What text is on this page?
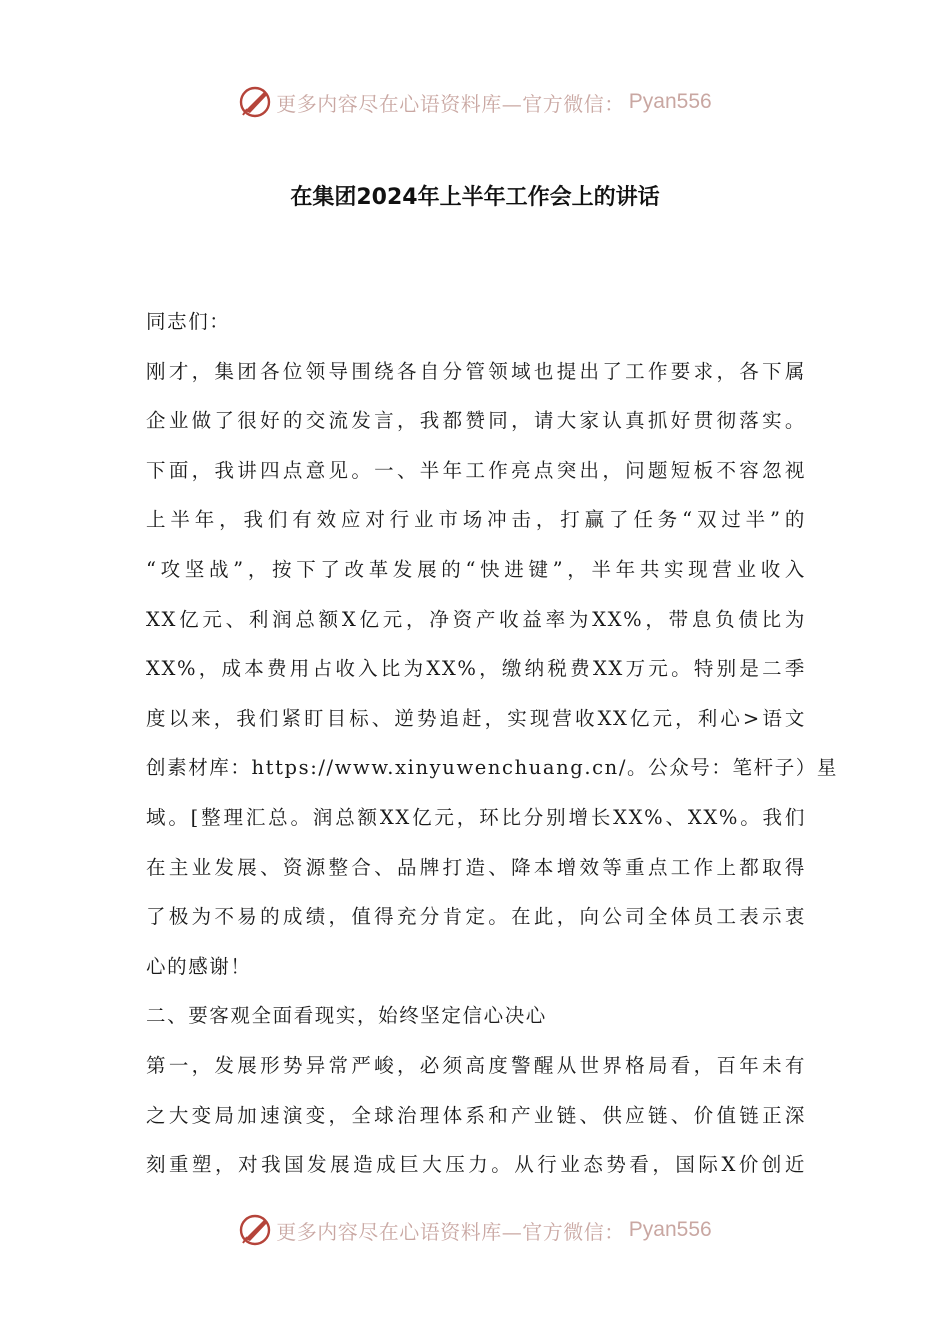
更多内容尽在心语资料库—官方微信： Pyan556
在集团2024年上半年工作会上的讲话
同志们：
刚才，集团各位领导围绕各自分管领域也提出了工作要求，各下属
企业做了很好的交流发言，我都赞同，请大家认真抓好贯彻落实。
下面，我讲四点意见。一、半年工作亮点突出，问题短板不容忽视
上半年，我们有效应对行业市场冲击，打赢了任务“双过半”的
“攻坚战”，按下了改革发展的“快进键”，半年共实现营业收入
XX亿元、利润总额X亿元，净资产收益率为XX%，带息负债比为
XX%，成本费用占收入比为XX%，缴纳税费XX万元。特别是二季
度以来，我们紧盯目标、逆势追赶，实现营收XX亿元，利心>语文
创素材库：https://www.xinyuwenchuang.cn/。公众号：笔杆子）星
域。[整理汇总。润总额XX亿元，环比分别增长XX%、XX%。我们
在主业发展、资源整合、品牌打造、降本增效等重点工作上都取得
了极为不易的成绩，值得充分肯定。在此，向公司全体员工表示衷
心的感谢！
二、要客观全面看现实，始终坚定信心决心
第一，发展形势异常严峻，必须高度警醒从世界格局看，百年未有
之大变局加速演变，全球治理体系和产业链、供应链、价值链正深
刻重塑，对我国发展造成巨大压力。从行业态势看，国际X价创近
更多内容尽在心语资料库—官方微信： Pyan556
